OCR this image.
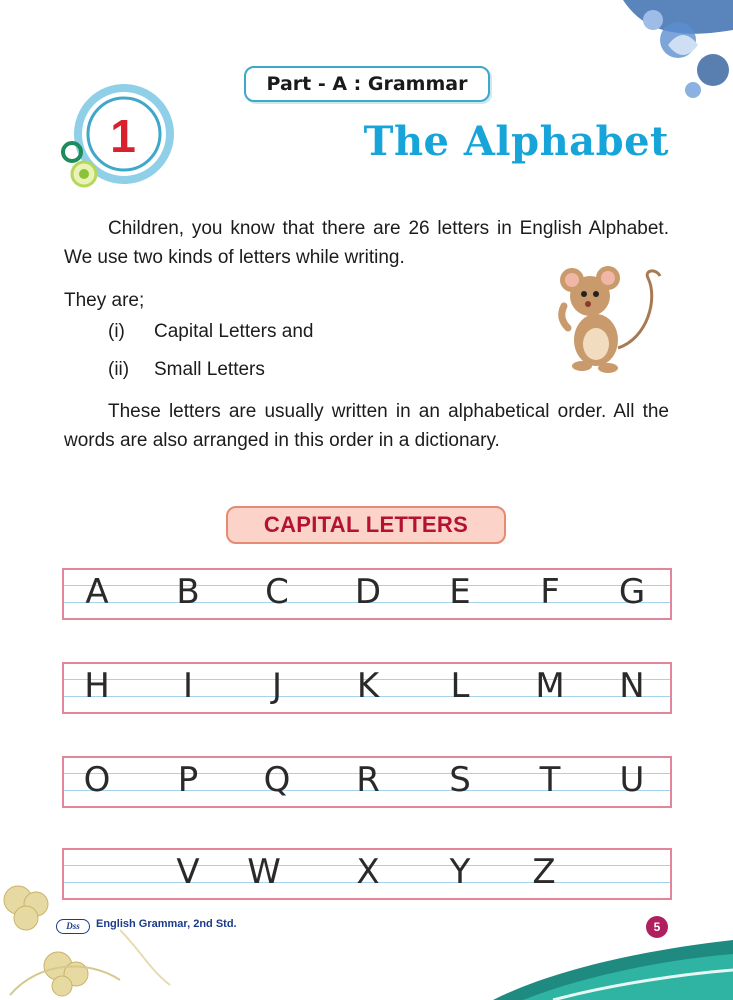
Part - A : Grammar
1	The Alphabet
Children, you know that there are 26 letters in English Alphabet. We use two kinds of letters while writing.
They are;
(i) Capital Letters and
(ii) Small Letters
These letters are usually written in an alphabetical order. All the words are also arranged in this order in a dictionary.
CAPITAL LETTERS
A B C D E	F	G
H	I	J	K	L	M N
O P Q R S T U
V W X Y Z
Dss	English Grammar, 2nd Std.	5
